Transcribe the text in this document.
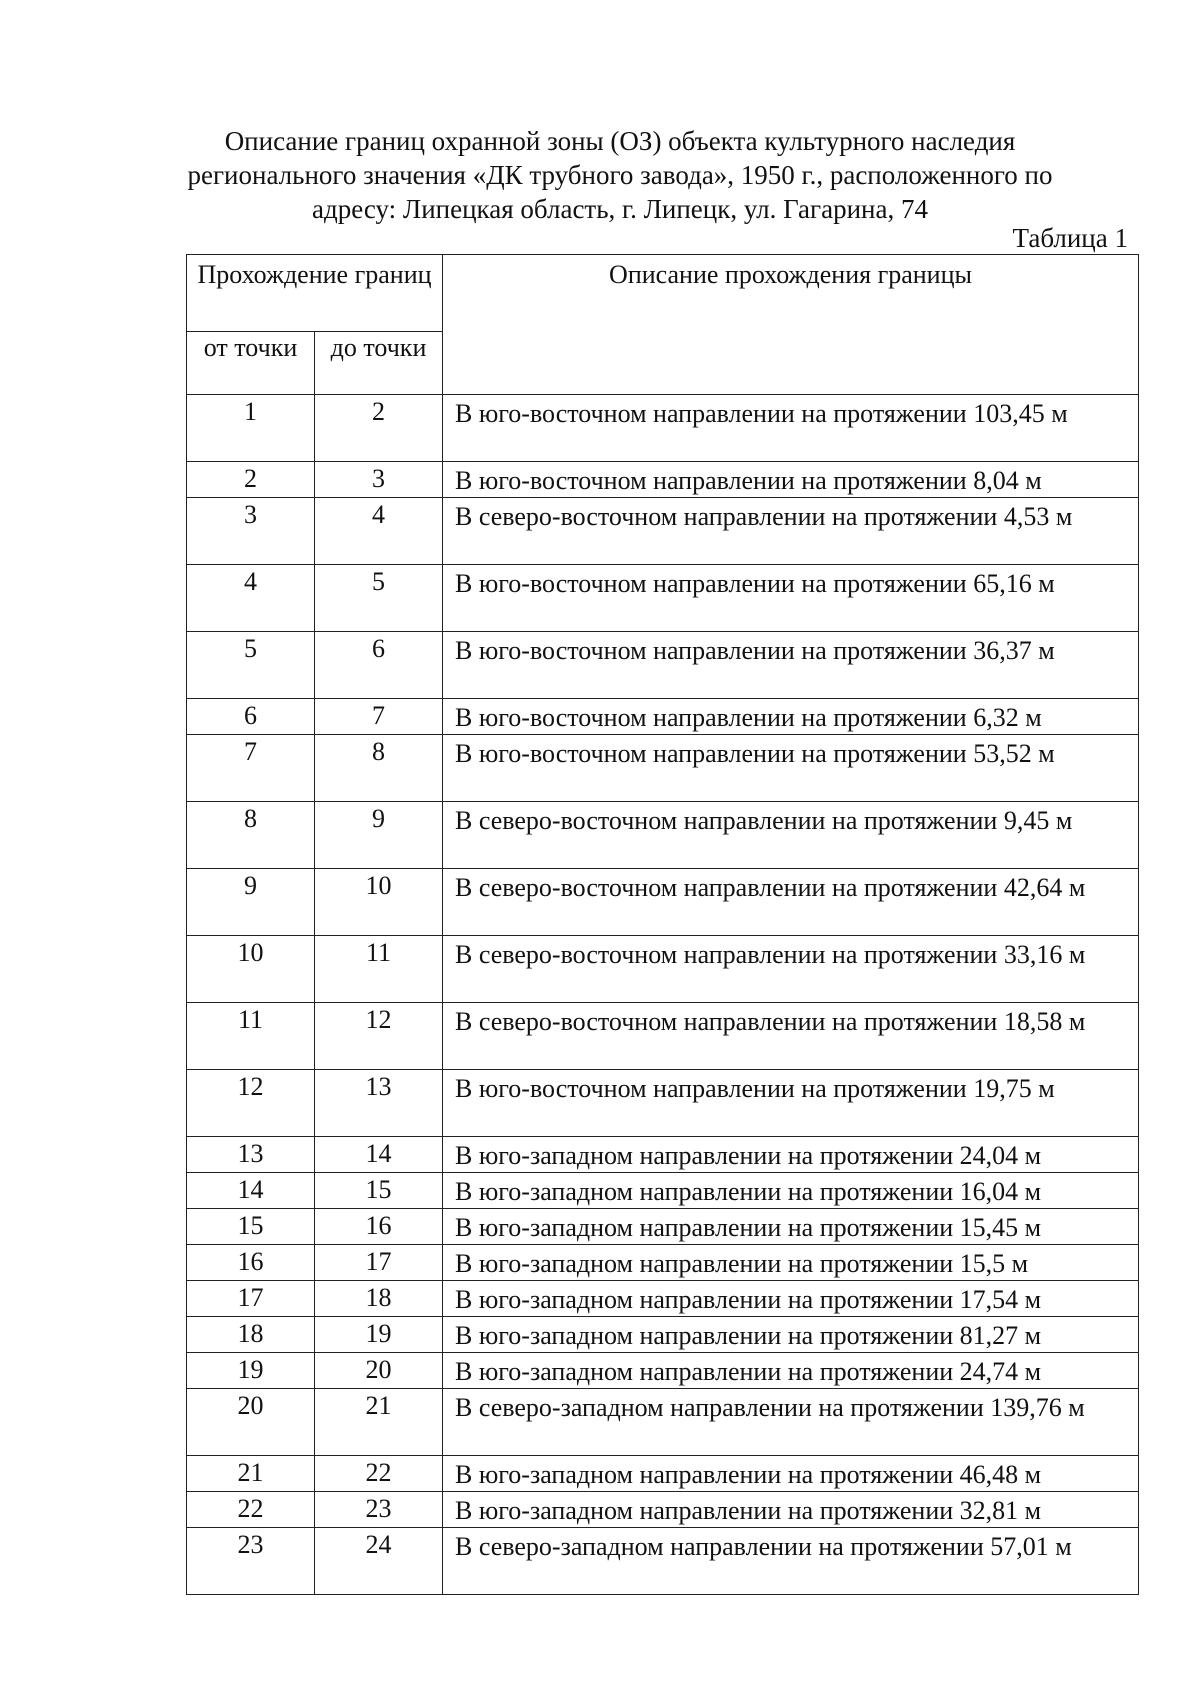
Описание границ охранной зоны (ОЗ) объекта культурного наследия
регионального значения «ДК трубного завода», 1950 г., расположенного по
адресу: Липецкая область, г. Липецк, ул. Гагарина, 74
Таблица 1
Прохождение границ		Описание прохождения границы
от точки	до точки	
1	2	В юго-восточном направлении на протяжении 103,45 м
2	3	В юго-восточном направлении на протяжении 8,04 м
3	4	В северо-восточном направлении на протяжении 4,53 м
4	5	В юго-восточном направлении на протяжении 65,16 м
5	6	В юго-восточном направлении на протяжении 36,37 м
6	7	В юго-восточном направлении на протяжении 6,32 м
7	8	В юго-восточном направлении на протяжении 53,52 м
8	9	В северо-восточном направлении на протяжении 9,45 м
9	10	В северо-восточном направлении на протяжении 42,64 м
10	11	В северо-восточном направлении на протяжении 33,16 м
11	12	В северо-восточном направлении на протяжении 18,58 м
12	13	В юго-восточном направлении на протяжении 19,75 м
13	14	В юго-западном направлении на протяжении 24,04 м
14	15	В юго-западном направлении на протяжении 16,04 м
15	16	В юго-западном направлении на протяжении 15,45 м
16	17	В юго-западном направлении на протяжении 15,5 м
17	18	В юго-западном направлении на протяжении 17,54 м
18	19	В юго-западном направлении на протяжении 81,27 м
19	20	В юго-западном направлении на протяжении 24,74 м
20	21	В северо-западном направлении на протяжении 139,76 м
21	22	В юго-западном направлении на протяжении 46,48 м
22	23	В юго-западном направлении на протяжении 32,81 м
23	24	В северо-западном направлении на протяжении 57,01 м
